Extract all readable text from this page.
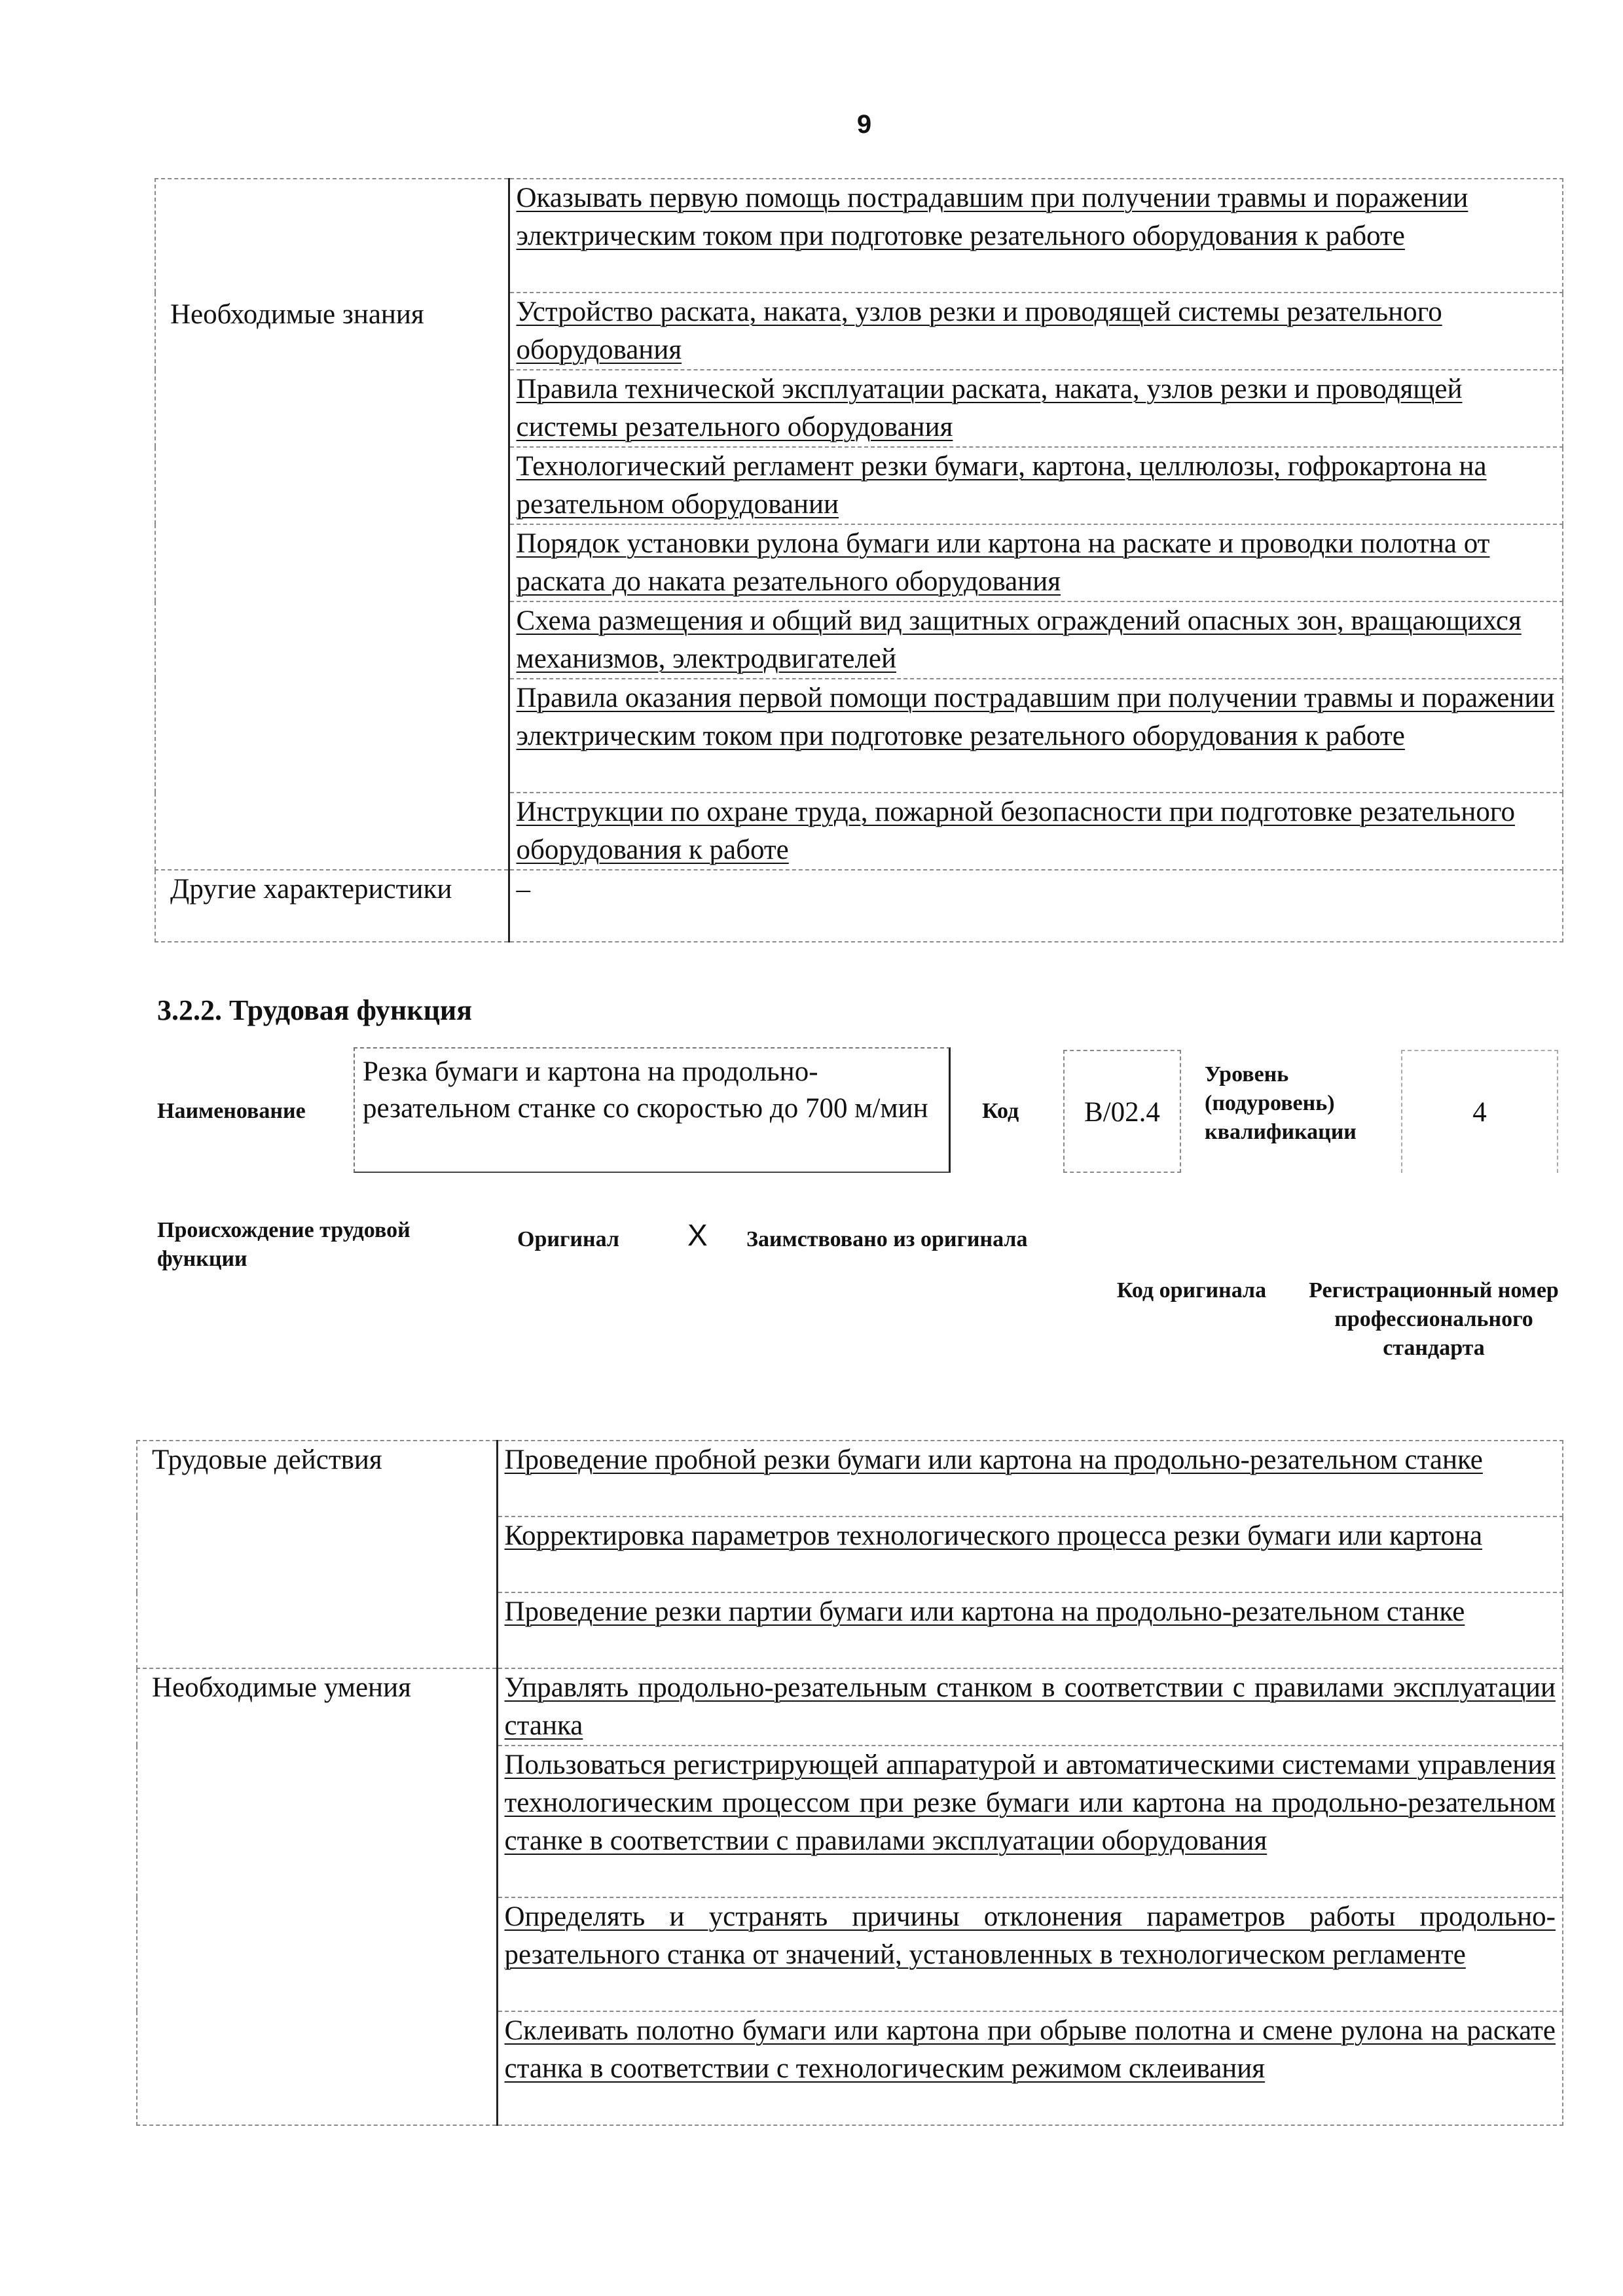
9
Необходимые знания	Оказывать первую помощь пострадавшим при получении травмы и поражении электрическим током при подготовке резательного оборудования к работе
	Устройство раската, наката, узлов резки и проводящей системы резательного оборудования
	Правила технической эксплуатации раската, наката, узлов резки и проводящей системы резательного оборудования
	Технологический регламент резки бумаги, картона, целлюлозы, гофрокартона на резательном оборудовании
	Порядок установки рулона бумаги или картона на раскате и проводки полотна от раската до наката резательного оборудования
	Схема размещения и общий вид защитных ограждений опасных зон, вращающихся механизмов, электродвигателей
	Правила оказания первой помощи пострадавшим при получении травмы и поражении электрическим током при подготовке резательного оборудования к работе
	Инструкции по охране труда, пожарной безопасности при подготовке резательного оборудования к работе
Другие характеристики	–
3.2.2. Трудовая функция
Наименование
Резка бумаги и картона на продольно-резательном станке со скоростью до 700 м/мин	Код	B/02.4
Уровень (подуровень) квалификации
4
Происхождение трудовой функции
Оригинал X Заимствовано из оригинала
Код оригинала	Регистрационный номер профессионального стандарта
Трудовые действия	Проведение пробной резки бумаги или картона на продольно-резательном станке
	Корректировка параметров технологического процесса резки бумаги или картона
	Проведение резки партии бумаги или картона на продольно-резательном станке
Необходимые умения	Управлять продольно-резательным станком в соответствии с правилами эксплуатации станка
	Пользоваться регистрирующей аппаратурой и автоматическими системами управления технологическим процессом при резке бумаги или картона на продольно-резательном станке в соответствии с правилами эксплуатации оборудования
	Определять и устранять причины отклонения параметров работы продольно-резательного станка от значений, установленных в технологическом регламенте
	Склеивать полотно бумаги или картона при обрыве полотна и смене рулона на раскате станка в соответствии с технологическим режимом склеивания
